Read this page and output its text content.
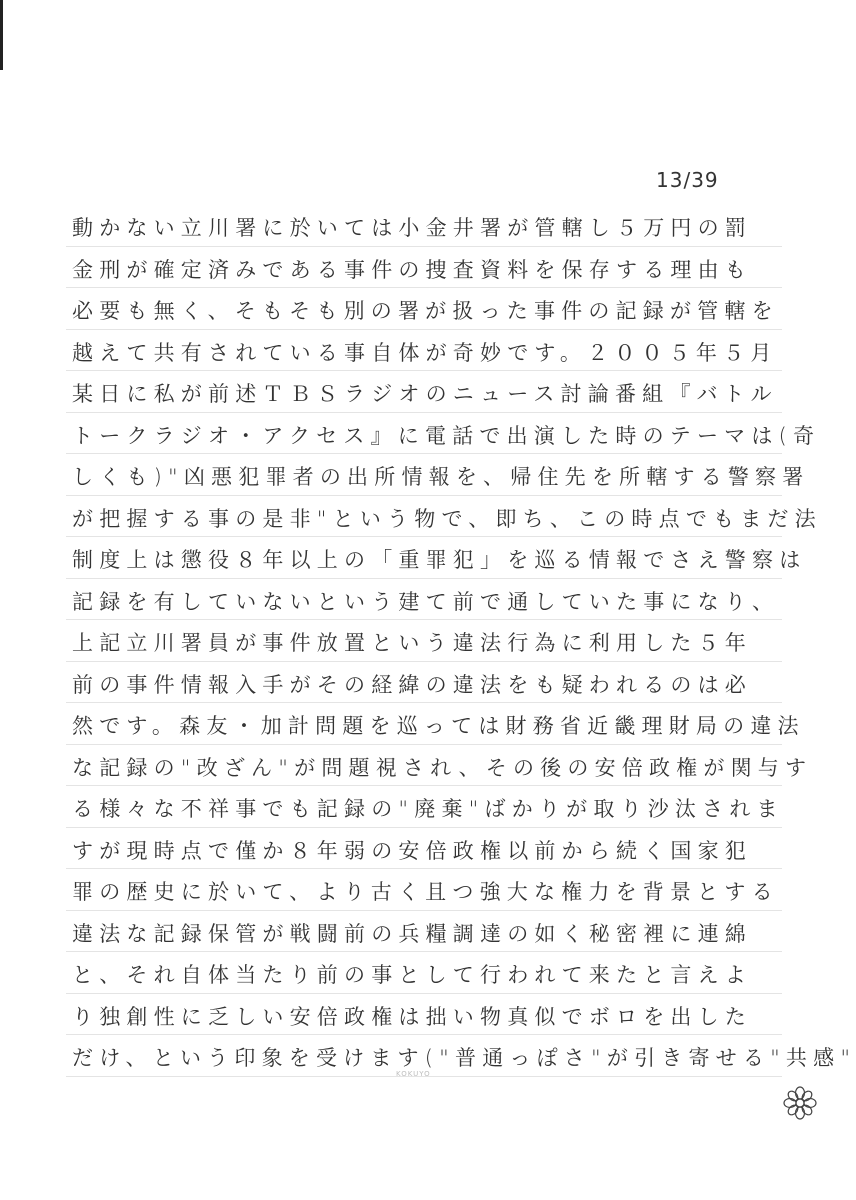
13/39
動かない立川署に於いては小金井署が管轄し５万円の罰
金刑が確定済みである事件の捜査資料を保存する理由も
必要も無く、そもそも別の署が扱った事件の記録が管轄を
越えて共有されている事自体が奇妙です。２００５年５月
某日に私が前述ＴＢＳラジオのニュース討論番組『バトル
トークラジオ・アクセス』に電話で出演した時のテーマは(奇
しくも)"凶悪犯罪者の出所情報を、帰住先を所轄する警察署
が把握する事の是非"という物で、即ち、この時点でもまだ法
制度上は懲役８年以上の「重罪犯」を巡る情報でさえ警察は
記録を有していないという建て前で通していた事になり、
上記立川署員が事件放置という違法行為に利用した５年
前の事件情報入手がその経緯の違法をも疑われるのは必
然です。森友・加計問題を巡っては財務省近畿理財局の違法
な記録の"改ざん"が問題視され、その後の安倍政権が関与す
る様々な不祥事でも記録の"廃棄"ばかりが取り沙汰されま
すが現時点で僅か８年弱の安倍政権以前から続く国家犯
罪の歴史に於いて、より古く且つ強大な権力を背景とする
違法な記録保管が戦闘前の兵糧調達の如く秘密裡に連綿
と、それ自体当たり前の事として行われて来たと言えよ
り独創性に乏しい安倍政権は拙い物真似でボロを出した
だけ、という印象を受けます("普通っぽさ"が引き寄せる"共感"
KOKUYO
